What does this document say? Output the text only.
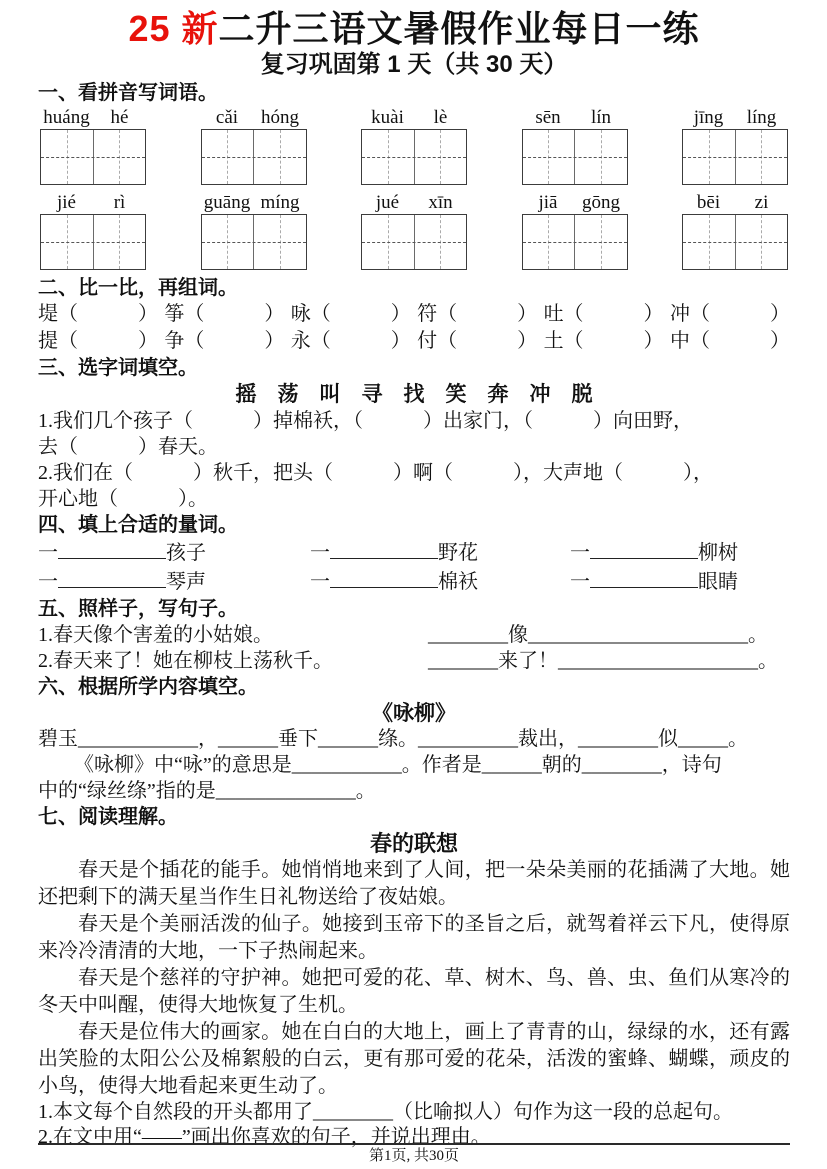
25 新二升三语文暑假作业每日一练
复习巩固第 1 天（共 30 天）
一、看拼音写词语。
huáng	hé	cǎi	hóng	kuài	lè	sēn	lín	jīng	líng
jié	rì	guāng míng	jué	xīn	jiā	gōng	bēi	zi
二、比一比，再组词。
堤（　　　） 筝（　　　） 咏（　　　） 符（　　　） 吐（　　　） 冲（　　　）
提（　　　） 争（　　　） 永（　　　） 付（　　　） 土（　　　） 中（　　　）
三、选字词填空。
摇　荡　叫　寻　找　笑　奔　冲　脱
1.我们几个孩子（　　　）掉棉袄，（　　　）出家门，（　　　）向田野，
去（　　　）春天。
2.我们在（　　　）秋千，把头（　　　）啊（　　　），大声地（　　　），
开心地（　　　）。
四、填上合适的量词。
一	孩子	一	野花	一	柳树
一	琴声	一	棉袄	一	眼睛
五、照样子，写句子。
1.春天像个害羞的小姑娘。	________像______________________。
2.春天来了！她在柳枝上荡秋千。	_______来了！____________________。
六、根据所学内容填空。
《咏柳》
碧玉____________，______垂下______绦。__________裁出，________似_____。
《咏柳》中“咏”的意思是___________。作者是______朝的________，诗句
中的“绿丝绦”指的是______________。
七、阅读理解。
春的联想

春天是个插花的能手。她悄悄地来到了人间，把一朵朵美丽的花插满了大地。她还把剩下的满天星当作生日礼物送给了夜姑娘。

春天是个美丽活泼的仙子。她接到玉帝下的圣旨之后，就驾着祥云下凡，使得原来冷冷清清的大地，一下子热闹起来。

春天是个慈祥的守护神。她把可爱的花、草、树木、鸟、兽、虫、鱼们从寒冷的冬天中叫醒，使得大地恢复了生机。

春天是位伟大的画家。她在白白的大地上，画上了青青的山，绿绿的水，还有露出笑脸的太阳公公及棉絮般的白云，更有那可爱的花朵，活泼的蜜蜂、蝴蝶，顽皮的小鸟，使得大地看起来更生动了。

1.本文每个自然段的开头都用了________（比喻拟人）句作为这一段的总起句。
2.在文中用“——”画出你喜欢的句子，并说出理由。
第1页, 共30页
